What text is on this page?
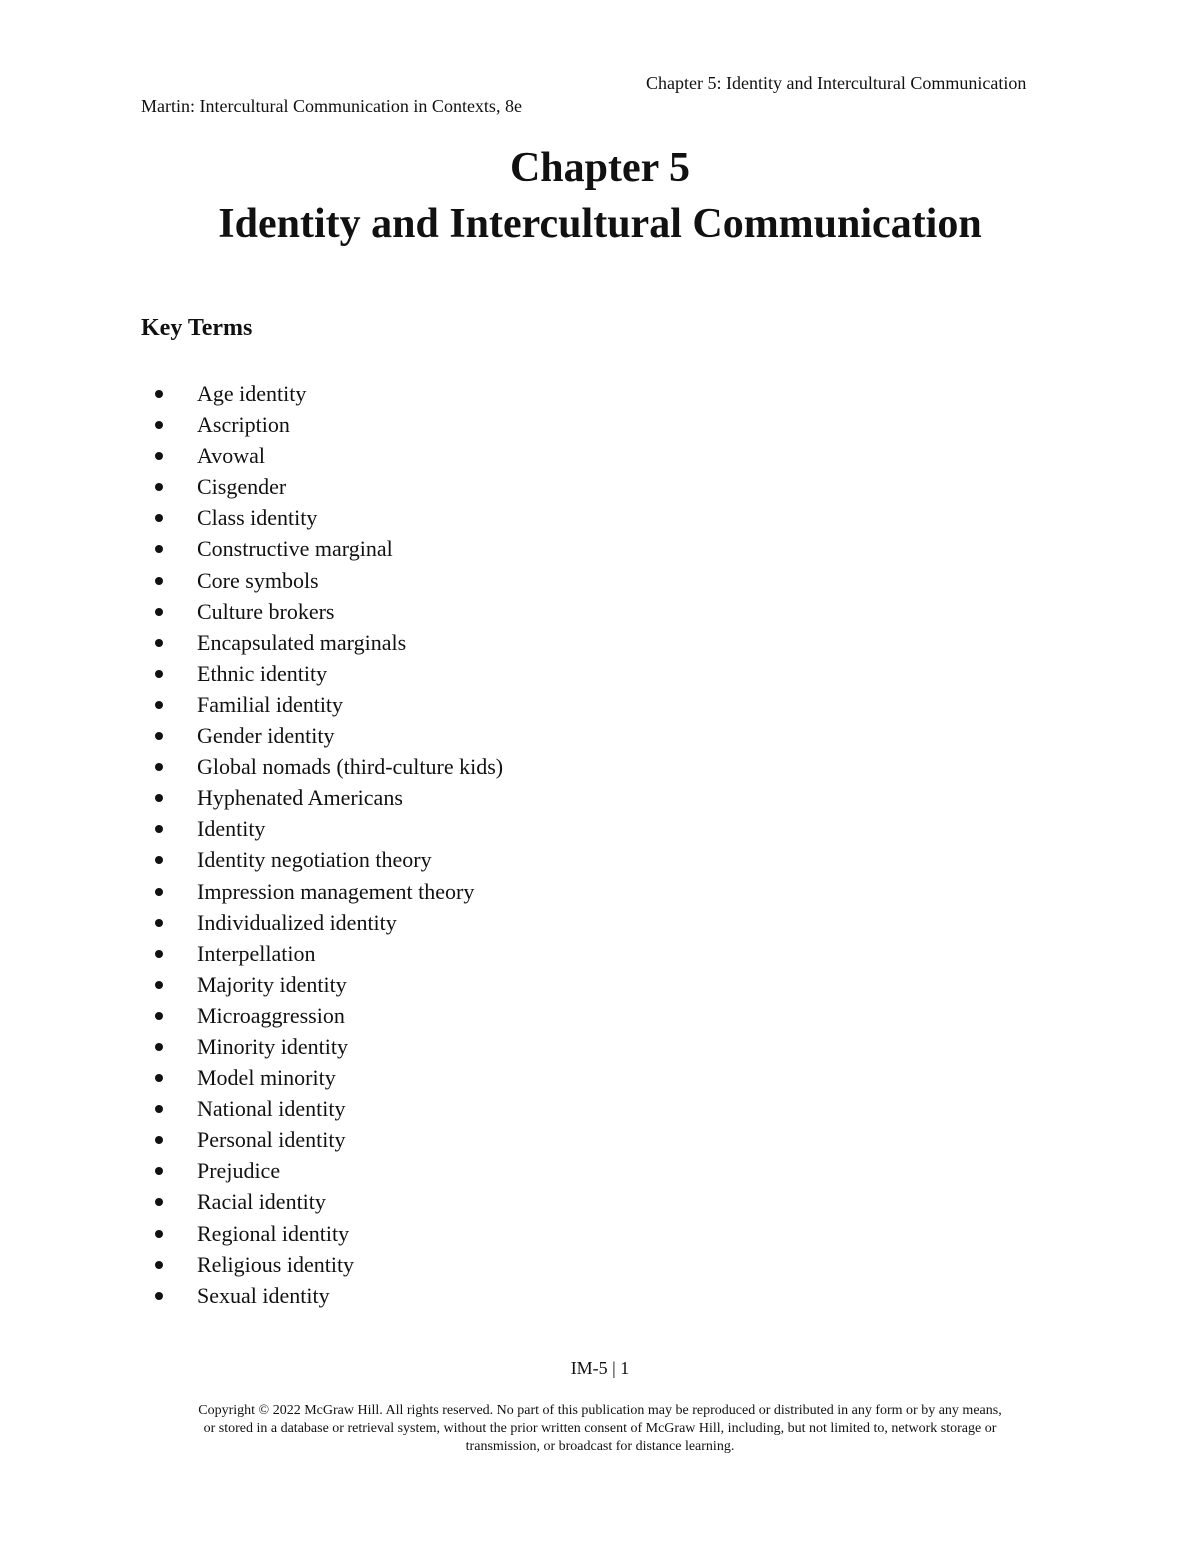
Chapter 5: Identity and Intercultural Communication
Martin: Intercultural Communication in Contexts, 8e
Chapter 5
Identity and Intercultural Communication
Key Terms
Age identity
Ascription
Avowal
Cisgender
Class identity
Constructive marginal
Core symbols
Culture brokers
Encapsulated marginals
Ethnic identity
Familial identity
Gender identity
Global nomads (third-culture kids)
Hyphenated Americans
Identity
Identity negotiation theory
Impression management theory
Individualized identity
Interpellation
Majority identity
Microaggression
Minority identity
Model minority
National identity
Personal identity
Prejudice
Racial identity
Regional identity
Religious identity
Sexual identity
IM-5 | 1
Copyright © 2022 McGraw Hill. All rights reserved. No part of this publication may be reproduced or distributed in any form or by any means,
or stored in a database or retrieval system, without the prior written consent of McGraw Hill, including, but not limited to, network storage or
transmission, or broadcast for distance learning.
